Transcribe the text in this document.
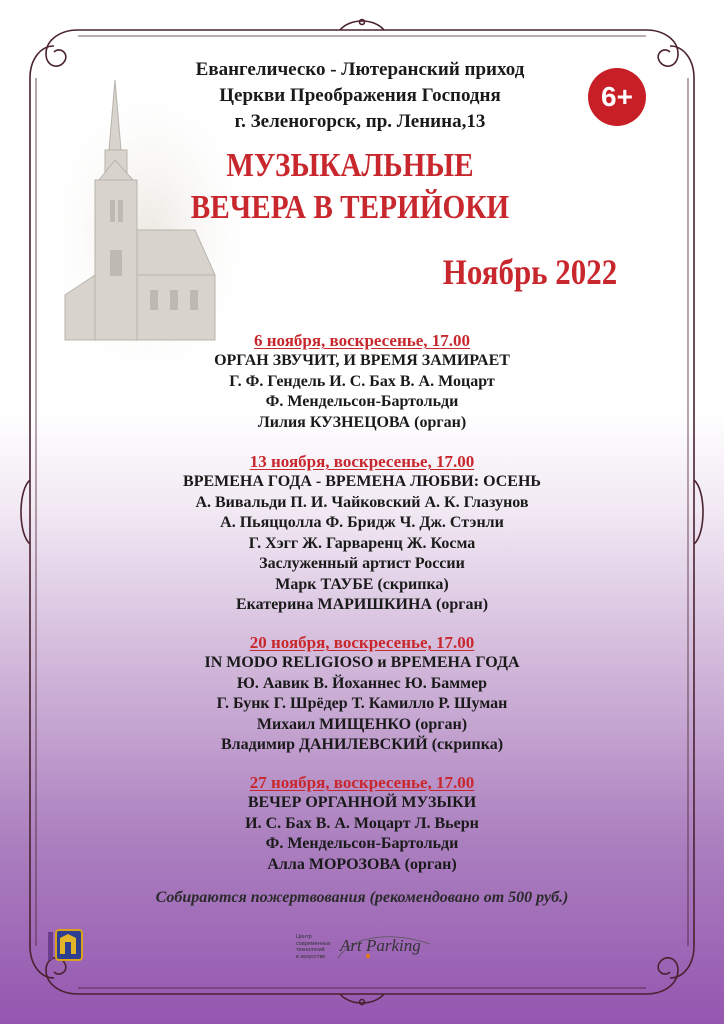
Евангелическо - Лютеранский приход
Церкви Преображения Господня
г. Зеленогорск, пр. Ленина,13
6+
МУЗЫКАЛЬНЫЕ
ВЕЧЕРА В ТЕРИЙОКИ
Ноябрь 2022
6 ноября, воскресенье, 17.00
ОРГАН ЗВУЧИТ, И ВРЕМЯ ЗАМИРАЕТ
Г. Ф. Гендель И. С. Бах В. А. Моцарт
Ф. Мендельсон-Бартольди
Лилия КУЗНЕЦОВА (орган)
13 ноября, воскресенье, 17.00
ВРЕМЕНА ГОДА - ВРЕМЕНА ЛЮБВИ: ОСЕНЬ
А. Вивальди П. И. Чайковский А. К. Глазунов
А. Пьяццолла Ф. Бридж Ч. Дж. Стэнли
Г. Хэгг Ж. Гарваренц Ж. Косма
Заслуженный артист России
Марк ТАУБЕ (скрипка)
Екатерина МАРИШКИНА (орган)
20 ноября, воскресенье, 17.00
IN MODO RELIGIOSO и ВРЕМЕНА ГОДА
Ю. Аавик В. Йоханнес Ю. Баммер
Г. Бунк Г. Шрёдер Т. Камилло Р. Шуман
Михаил МИЩЕНКО (орган)
Владимир ДАНИЛЕВСКИЙ (скрипка)
27 ноября, воскресенье, 17.00
ВЕЧЕР ОРГАННОЙ МУЗЫКИ
И. С. Бах В. А. Моцарт Л. Вьерн
Ф. Мендельсон-Бартольди
Алла МОРОЗОВА (орган)
Собираются пожертвования (рекомендовано от 500 руб.)
Центр
современных
технологий
в искусстве
Art Parking
